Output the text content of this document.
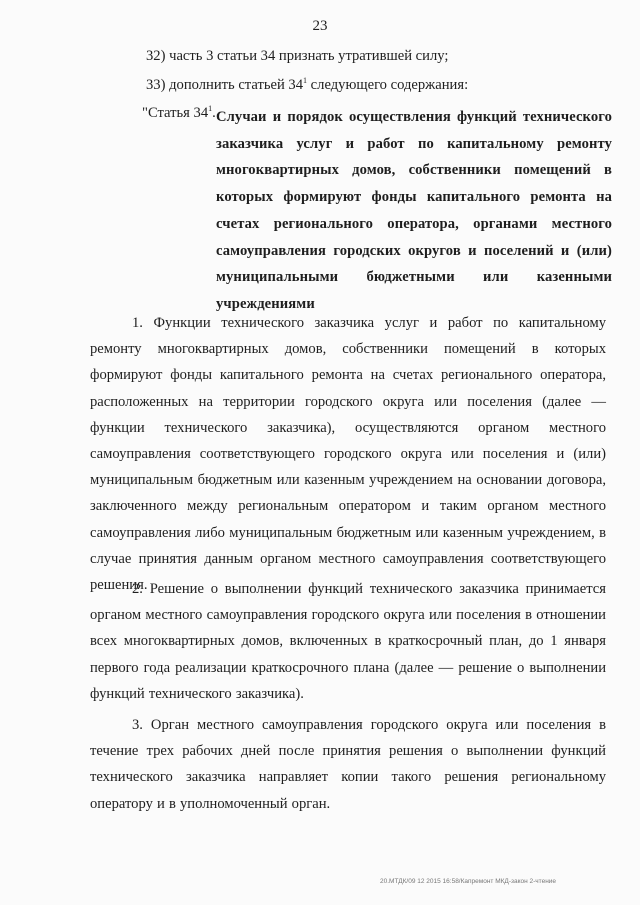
23
32) часть 3 статьи 34 признать утратившей силу;
33) дополнить статьей $34^1$ следующего содержания:
"Статья $34^1$. Случаи и порядок осуществления функций технического заказчика услуг и работ по капитальному ремонту многоквартирных домов, собственники помещений в которых формируют фонды капитального ремонта на счетах регионального оператора, органами местного самоуправления городских округов и поселений и (или) муниципальными бюджетными или казенными учреждениями

1. Функции технического заказчика услуг и работ по капитальному ремонту многоквартирных домов, собственники помещений в которых формируют фонды капитального ремонта на счетах регионального оператора, расположенных на территории городского округа или поселения (далее — функции технического заказчика), осуществляются органом местного самоуправления соответствующего городского округа или поселения и (или) муниципальным бюджетным или казенным учреждением на основании договора, заключенного между региональным оператором и таким органом местного самоуправления либо муниципальным бюджетным или казенным учреждением, в случае принятия данным органом местного самоуправления соответствующего решения.

2. Решение о выполнении функций технического заказчика принимается органом местного самоуправления городского округа или поселения в отношении всех многоквартирных домов, включенных в краткосрочный план, до 1 января первого года реализации краткосрочного плана (далее — решение о выполнении функций технического заказчика).

3. Орган местного самоуправления городского округа или поселения в течение трех рабочих дней после принятия решения о выполнении функций технического заказчика направляет копии такого решения региональному оператору и в уполномоченный орган.

20.МТДК/09 12 2015 16:58/Капремонт МКД-закон 2-чтение
